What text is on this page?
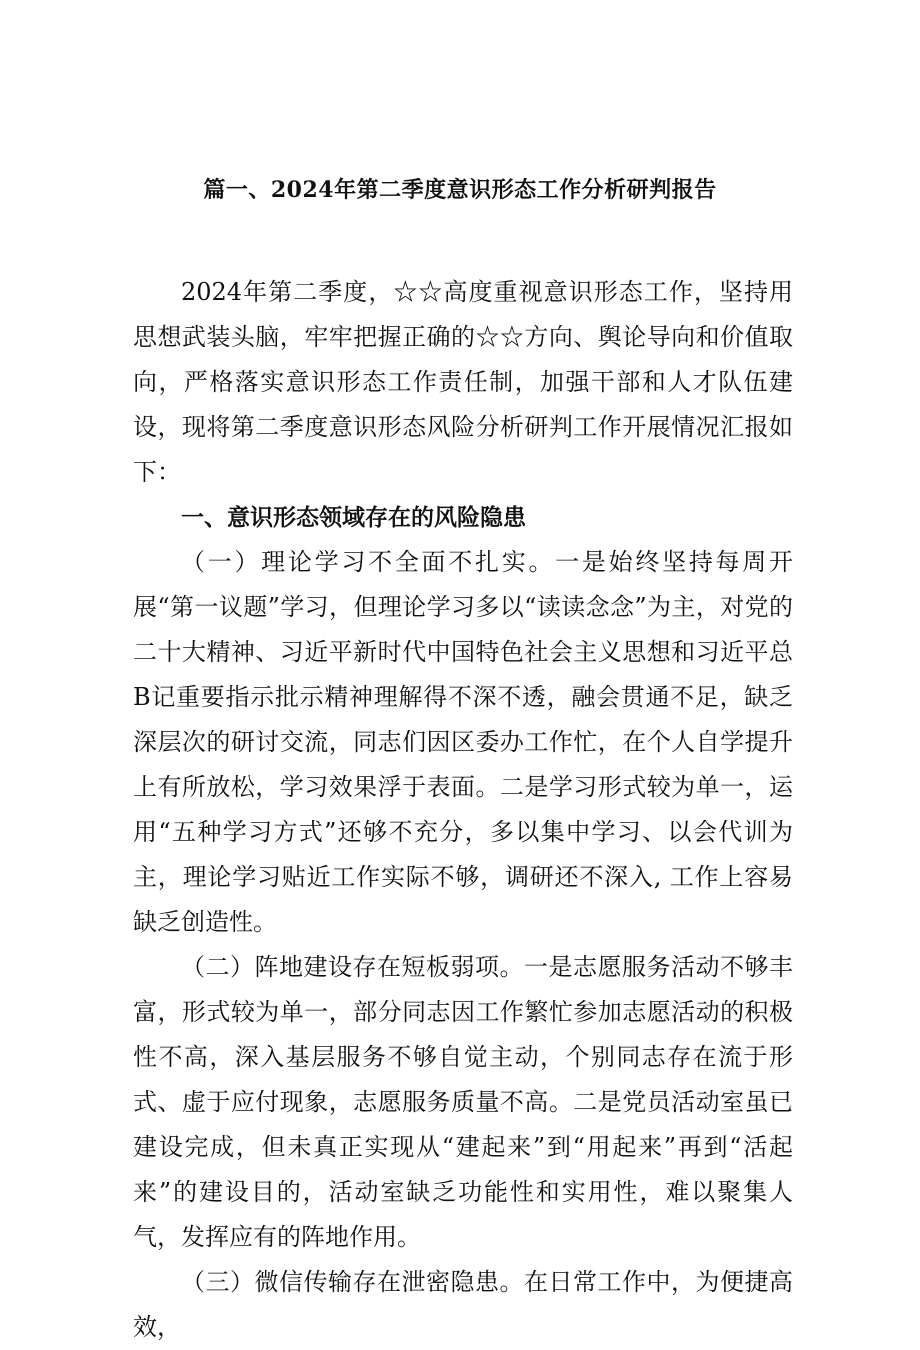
篇一、2024年第二季度意识形态工作分析研判报告

2024年第二季度，☆☆高度重视意识形态工作，坚持用思想武装头脑，牢牢把握正确的☆☆方向、舆论导向和价值取向，严格落实意识形态工作责任制，加强干部和人才队伍建设，现将第二季度意识形态风险分析研判工作开展情况汇报如下：

一、意识形态领域存在的风险隐患

（一）理论学习不全面不扎实。一是始终坚持每周开展“第一议题”学习，但理论学习多以“读读念念”为主，对党的二十大精神、习近平新时代中国特色社会主义思想和习近平总B记重要指示批示精神理解得不深不透，融会贯通不足，缺乏深层次的研讨交流，同志们因区委办工作忙，在个人自学提升上有所放松，学习效果浮于表面。二是学习形式较为单一，运用“五种学习方式”还够不充分，多以集中学习、以会代训为主，理论学习贴近工作实际不够，调研还不深入, 工作上容易缺乏创造性。

（二）阵地建设存在短板弱项。一是志愿服务活动不够丰富，形式较为单一，部分同志因工作繁忙参加志愿活动的积极性不高，深入基层服务不够自觉主动，个别同志存在流于形式、虚于应付现象，志愿服务质量不高。二是党员活动室虽已建设完成，但未真正实现从“建起来”到“用起来”再到“活起来”的建设目的，活动室缺乏功能性和实用性，难以聚集人气，发挥应有的阵地作用。

（三）微信传输存在泄密隐患。在日常工作中，为便捷高效，
